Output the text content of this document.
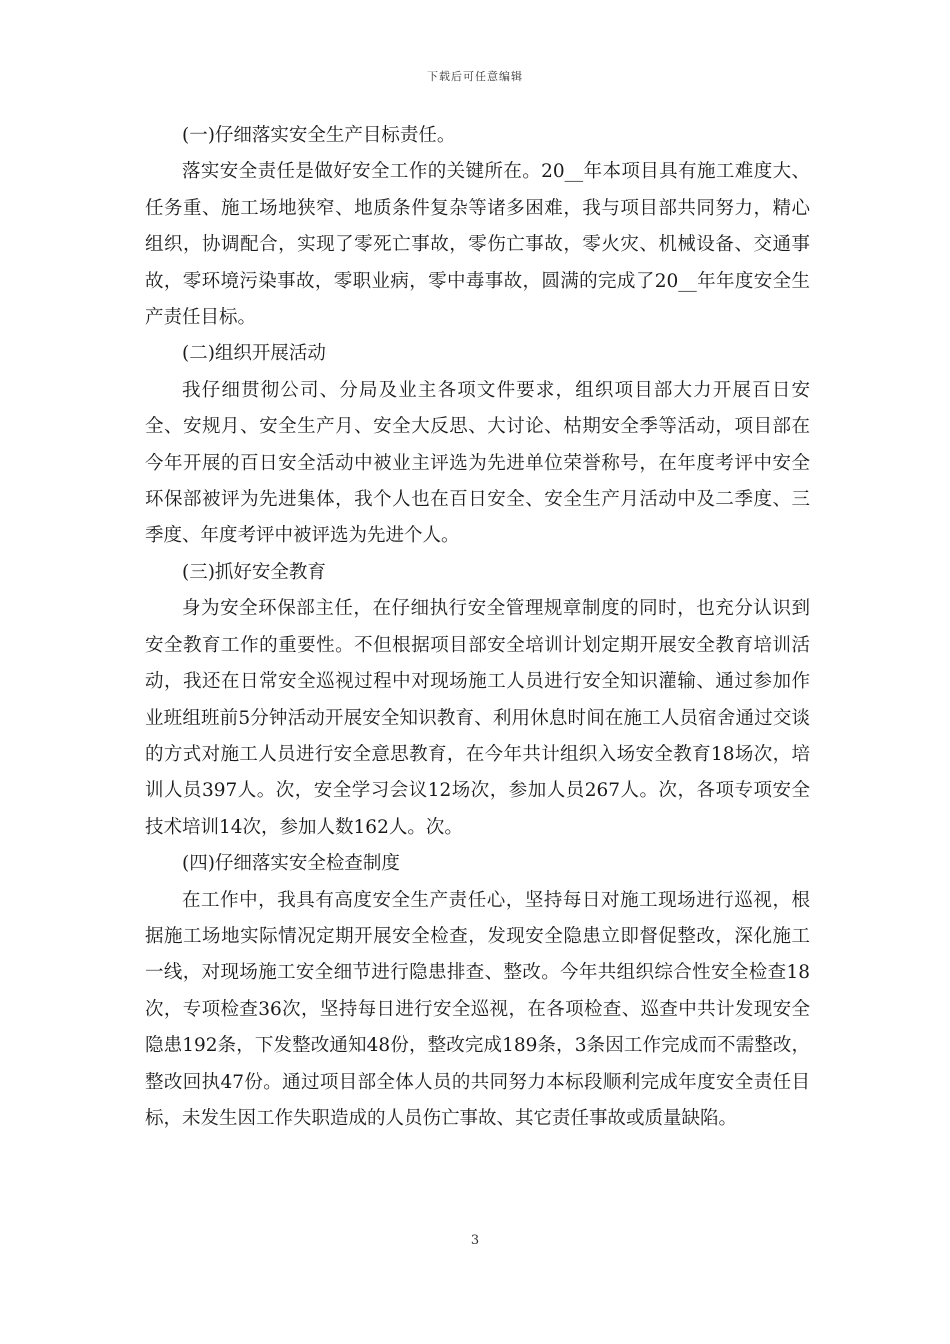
下载后可任意编辑

(一)仔细落实安全生产目标责任。

落实安全责任是做好安全工作的关键所在。20__年本项目具有施工难度大、任务重、施工场地狭窄、地质条件复杂等诸多困难，我与项目部共同努力，精心组织，协调配合，实现了零死亡事故，零伤亡事故，零火灾、机械设备、交通事故，零环境污染事故，零职业病，零中毒事故，圆满的完成了20__年年度安全生产责任目标。

(二)组织开展活动

我仔细贯彻公司、分局及业主各项文件要求，组织项目部大力开展百日安全、安规月、安全生产月、安全大反思、大讨论、枯期安全季等活动，项目部在今年开展的百日安全活动中被业主评选为先进单位荣誉称号，在年度考评中安全环保部被评为先进集体，我个人也在百日安全、安全生产月活动中及二季度、三季度、年度考评中被评选为先进个人。

(三)抓好安全教育

身为安全环保部主任，在仔细执行安全管理规章制度的同时，也充分认识到安全教育工作的重要性。不但根据项目部安全培训计划定期开展安全教育培训活动，我还在日常安全巡视过程中对现场施工人员进行安全知识灌输、通过参加作业班组班前5分钟活动开展安全知识教育、利用休息时间在施工人员宿舍通过交谈的方式对施工人员进行安全意思教育，在今年共计组织入场安全教育18场次，培训人员397人。次，安全学习会议12场次，参加人员267人。次，各项专项安全技术培训14次，参加人数162人。次。

(四)仔细落实安全检查制度

在工作中，我具有高度安全生产责任心，坚持每日对施工现场进行巡视，根据施工场地实际情况定期开展安全检查，发现安全隐患立即督促整改，深化施工一线，对现场施工安全细节进行隐患排查、整改。今年共组织综合性安全检查18次，专项检查36次，坚持每日进行安全巡视，在各项检查、巡查中共计发现安全隐患192条，下发整改通知48份，整改完成189条，3条因工作完成而不需整改，整改回执47份。通过项目部全体人员的共同努力本标段顺利完成年度安全责任目标，未发生因工作失职造成的人员伤亡事故、其它责任事故或质量缺陷。

3
